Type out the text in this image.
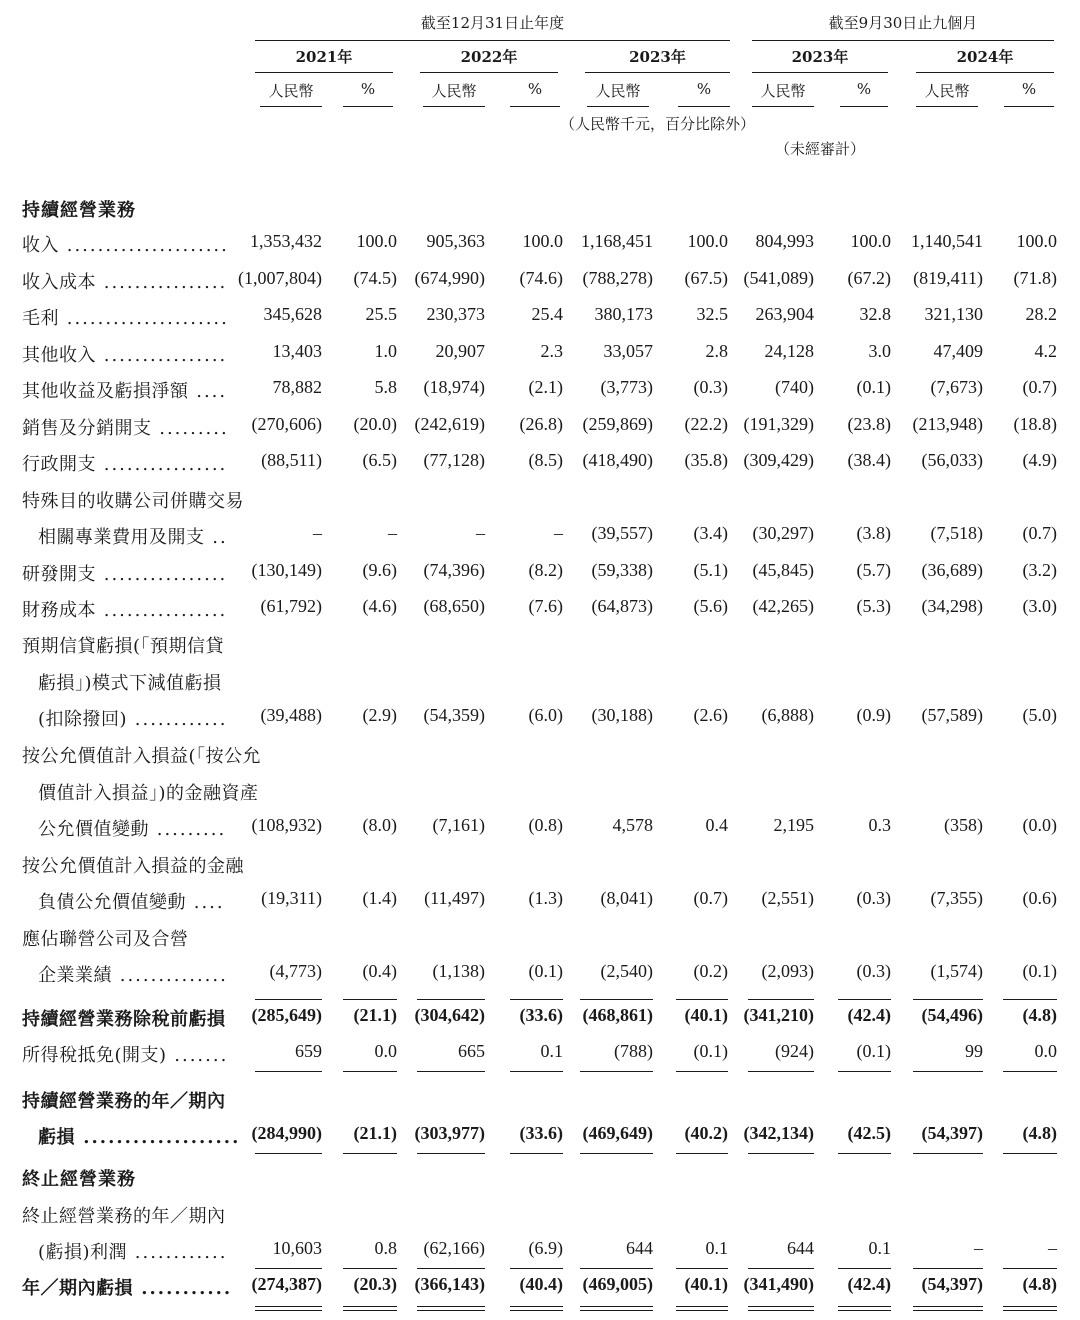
截至12月31日止年度	截至9月30日止九個月
2021年	2022年	2023年	2023年	2024年
人民幣	%	人民幣	%	人民幣	%	人民幣	%	人民幣	%
（人民幣千元，百分比除外）
（未經審計）
持續經營業務
終止經營業務
收入 ..................... 1,353,432 100.0 905,363 100.0 1,168,451 100.0 804,993 100.0 1,140,541 100.0
收入成本 ................ (1,007,804) (74.5) (674,990) (74.6) (788,278) (67.5) (541,089) (67.2) (819,411) (71.8)
毛利 ..................... 345,628 25.5 230,373	25.4 380,173 32.5 263,904	32.8 321,130 28.2
其他收入 ................	13,403	1.0 20,907	2.3 33,057	2.8 24,128	3.0 47,409	4.2
其他收益及虧損淨額 ....	78,882	5.8 (18,974) (2.1) (3,773) (0.3)	(740) (0.1) (7,673) (0.7)
銷售及分銷開支 ......... (270,606) (20.0) (242,619) (26.8) (259,869) (22.2) (191,329) (23.8) (213,948) (18.8)
行政開支 ................ (88,511) (6.5) (77,128) (8.5) (418,490) (35.8) (309,429) (38.4) (56,033) (4.9)
特殊目的收購公司併購交易
相關專業費用及開支 ..	–	–	–	– (39,557) (3.4) (30,297) (3.8) (7,518) (0.7)
研發開支 ................ (130,149) (9.6) (74,396) (8.2) (59,338) (5.1) (45,845) (5.7) (36,689) (3.2)
財務成本 ................ (61,792) (4.6) (68,650) (7.6) (64,873) (5.6) (42,265) (5.3) (34,298) (3.0)
預期信貸虧損(「預期信貸
虧損」)模式下減值虧損
(扣除撥回) ............ (39,488) (2.9) (54,359) (6.0) (30,188) (2.6) (6,888) (0.9) (57,589) (5.0)
按公允價值計入損益(「按公允
價值計入損益」)的金融資產
公允價值變動 ......... (108,932) (8.0) (7,161) (0.8)	4,578	0.4	2,195	0.3	(358) (0.0)
按公允價值計入損益的金融
負債公允價值變動 .... (19,311) (1.4) (11,497) (1.3) (8,041) (0.7) (2,551) (0.3) (7,355) (0.6)
應佔聯營公司及合營
企業業績 .............. (4,773) (0.4) (1,138) (0.1) (2,540) (0.2) (2,093) (0.3) (1,574) (0.1)
持續經營業務除稅前虧損 (285,649) (21.1) (304,642) (33.6) (468,861) (40.1) (341,210) (42.4) (54,496) (4.8)
所得稅抵免(開支) .......	659	0.0	665	0.1	(788) (0.1)	(924) (0.1)	99	0.0
持續經營業務的年／期內
虧損 ................... (284,990) (21.1) (303,977) (33.6) (469,649) (40.2) (342,134) (42.5) (54,397) (4.8)
終止經營業務的年／期內
(虧損)利潤 ............	10,603	0.8 (62,166) (6.9)	644	0.1	644	0.1	–	–
年／期內虧損 ........... (274,387) (20.3) (366,143) (40.4) (469,005) (40.1) (341,490) (42.4) (54,397) (4.8)
